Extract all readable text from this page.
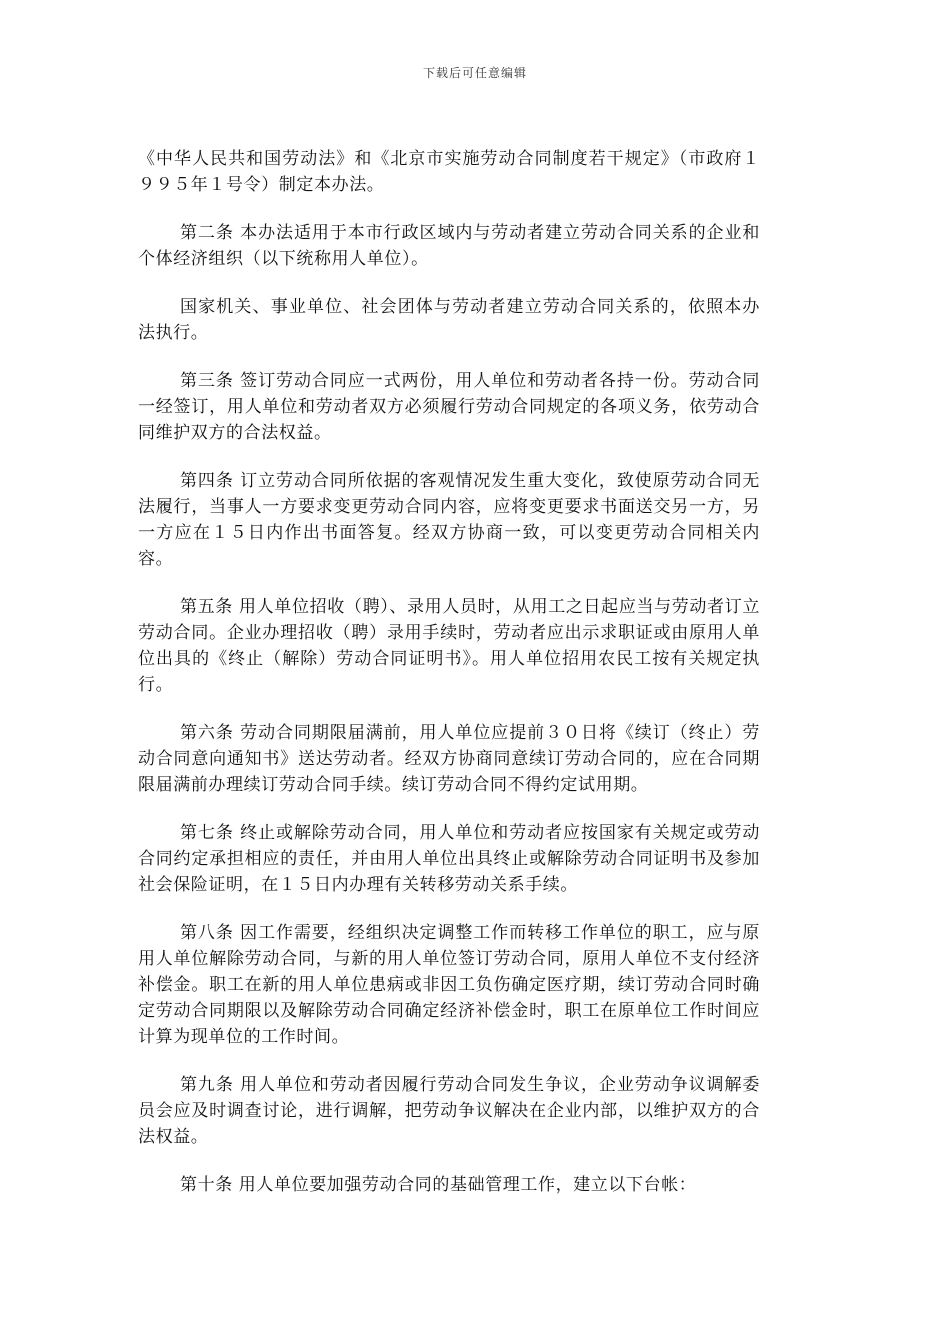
下载后可任意编辑

《中华人民共和国劳动法》和《北京市实施劳动合同制度若干规定》（市政府１９９５年１号令）制定本办法。

第二条 本办法适用于本市行政区域内与劳动者建立劳动合同关系的企业和个体经济组织（以下统称用人单位）。

国家机关、事业单位、社会团体与劳动者建立劳动合同关系的，依照本办法执行。

第三条 签订劳动合同应一式两份，用人单位和劳动者各持一份。劳动合同一经签订，用人单位和劳动者双方必须履行劳动合同规定的各项义务，依劳动合同维护双方的合法权益。

第四条 订立劳动合同所依据的客观情况发生重大变化，致使原劳动合同无法履行，当事人一方要求变更劳动合同内容，应将变更要求书面送交另一方，另一方应在１５日内作出书面答复。经双方协商一致，可以变更劳动合同相关内容。

第五条 用人单位招收（聘）、录用人员时，从用工之日起应当与劳动者订立劳动合同。企业办理招收（聘）录用手续时，劳动者应出示求职证或由原用人单位出具的《终止（解除）劳动合同证明书》。用人单位招用农民工按有关规定执行。

第六条 劳动合同期限届满前，用人单位应提前３０日将《续订（终止）劳动合同意向通知书》送达劳动者。经双方协商同意续订劳动合同的，应在合同期限届满前办理续订劳动合同手续。续订劳动合同不得约定试用期。

第七条 终止或解除劳动合同，用人单位和劳动者应按国家有关规定或劳动合同约定承担相应的责任，并由用人单位出具终止或解除劳动合同证明书及参加社会保险证明，在１５日内办理有关转移劳动关系手续。

第八条 因工作需要，经组织决定调整工作而转移工作单位的职工，应与原用人单位解除劳动合同，与新的用人单位签订劳动合同，原用人单位不支付经济补偿金。职工在新的用人单位患病或非因工负伤确定医疗期，续订劳动合同时确定劳动合同期限以及解除劳动合同确定经济补偿金时，职工在原单位工作时间应计算为现单位的工作时间。

第九条 用人单位和劳动者因履行劳动合同发生争议，企业劳动争议调解委员会应及时调查讨论，进行调解，把劳动争议解决在企业内部，以维护双方的合法权益。

第十条 用人单位要加强劳动合同的基础管理工作，建立以下台帐：
